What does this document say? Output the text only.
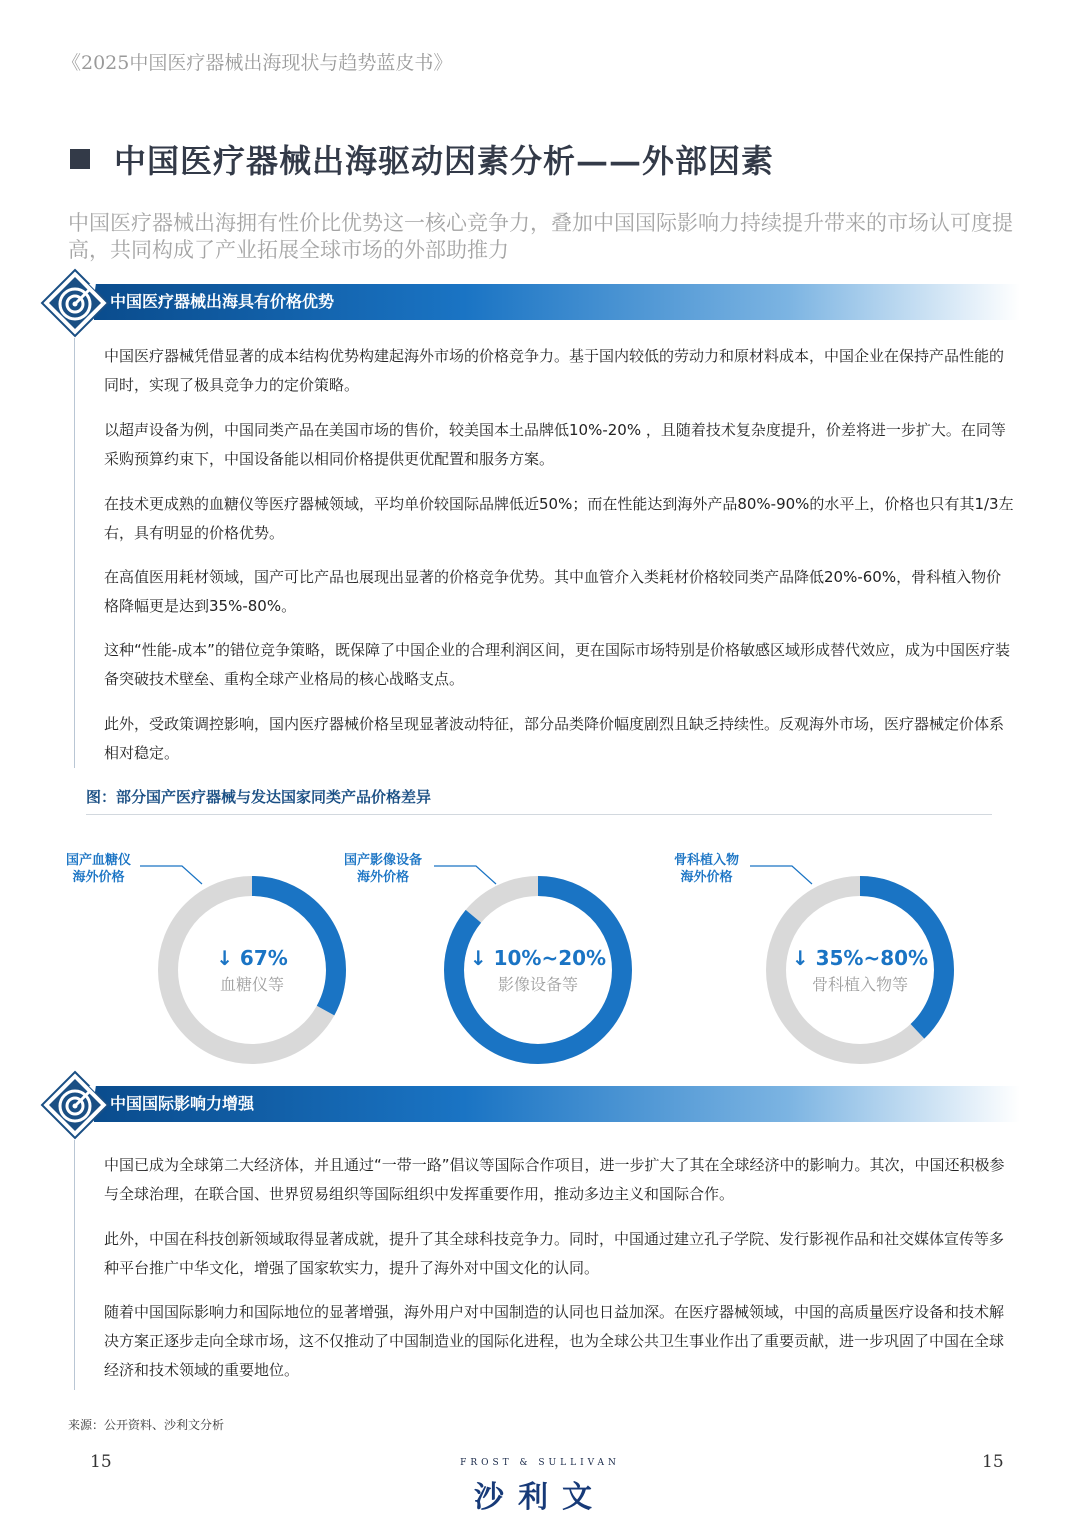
《2025中国医疗器械出海现状与趋势蓝皮书》
中国医疗器械出海驱动因素分析——外部因素
中国医疗器械出海拥有性价比优势这一核心竞争力，叠加中国国际影响力持续提升带来的市场认可度提高，共同构成了产业拓展全球市场的外部助推力
中国医疗器械出海具有价格优势
中国医疗器械凭借显著的成本结构优势构建起海外市场的价格竞争力。基于国内较低的劳动力和原材料成本，中国企业在保持产品性能的同时，实现了极具竞争力的定价策略。
以超声设备为例，中国同类产品在美国市场的售价，较美国本土品牌低10%-20% ，且随着技术复杂度提升，价差将进一步扩大。在同等采购预算约束下，中国设备能以相同价格提供更优配置和服务方案。
在技术更成熟的血糖仪等医疗器械领域，平均单价较国际品牌低近50%；而在性能达到海外产品80%-90%的水平上，价格也只有其1/3左右，具有明显的价格优势。
在高值医用耗材领域，国产可比产品也展现出显著的价格竞争优势。其中血管介入类耗材价格较同类产品降低20%-60%，骨科植入物价格降幅更是达到35%-80%。
这种“性能-成本”的错位竞争策略，既保障了中国企业的合理利润区间，更在国际市场特别是价格敏感区域形成替代效应，成为中国医疗装备突破技术壁垒、重构全球产业格局的核心战略支点。
此外，受政策调控影响，国内医疗器械价格呈现显著波动特征，部分品类降价幅度剧烈且缺乏持续性。反观海外市场，医疗器械定价体系相对稳定。
图：部分国产医疗器械与发达国家同类产品价格差异
国产血糖仪
海外价格
↓ 67%
血糖仪等
国产影像设备
海外价格
↓ 10%~20%
影像设备等
骨科植入物
海外价格
↓ 35%~80%
骨科植入物等
中国国际影响力增强
中国已成为全球第二大经济体，并且通过“一带一路”倡议等国际合作项目，进一步扩大了其在全球经济中的影响力。其次，中国还积极参与全球治理，在联合国、世界贸易组织等国际组织中发挥重要作用，推动多边主义和国际合作。
此外，中国在科技创新领域取得显著成就，提升了其全球科技竞争力。同时，中国通过建立孔子学院、发行影视作品和社交媒体宣传等多种平台推广中华文化，增强了国家软实力，提升了海外对中国文化的认同。
随着中国国际影响力和国际地位的显著增强，海外用户对中国制造的认同也日益加深。在医疗器械领域，中国的高质量医疗设备和技术解决方案正逐步走向全球市场，这不仅推动了中国制造业的国际化进程，也为全球公共卫生事业作出了重要贡献，进一步巩固了中国在全球经济和技术领域的重要地位。
来源：公开资料、沙利文分析
15	15
FROST & SULLIVAN
沙利文
